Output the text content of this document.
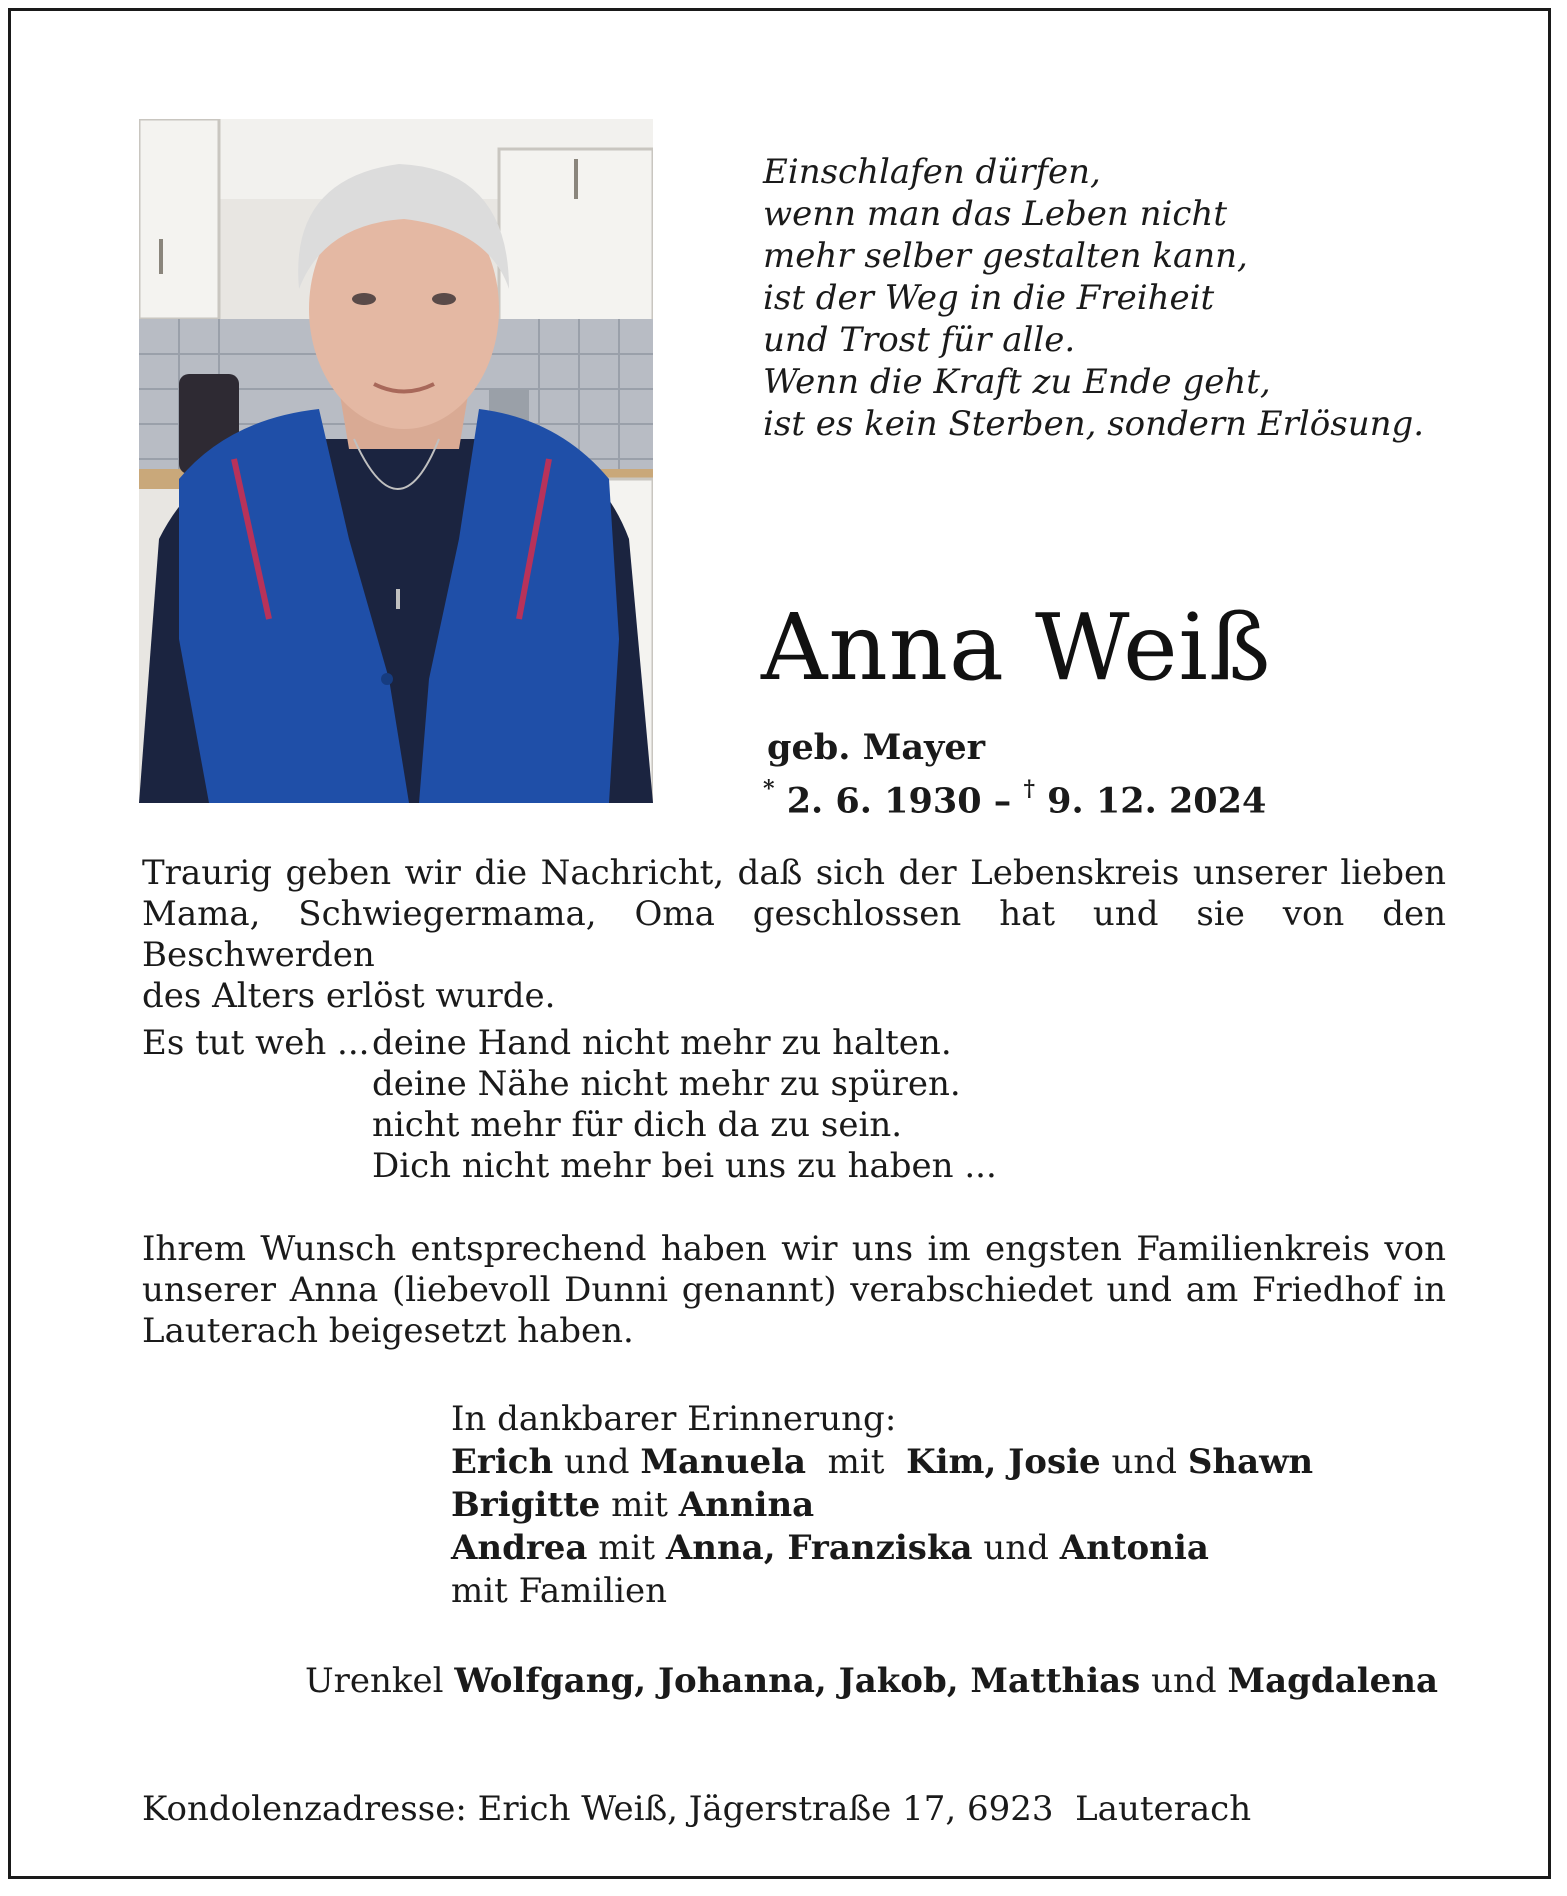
Einschlafen dürfen,
wenn man das Leben nicht
mehr selber gestalten kann,
ist der Weg in die Freiheit
und Trost für alle.
Wenn die Kraft zu Ende geht,
ist es kein Sterben, sondern Erlösung.
Anna Weiß
geb. Mayer
* 2. 6. 1930 – † 9. 12. 2024
Traurig geben wir die Nachricht, daß sich der Lebenskreis unserer lieben
Mama, Schwiegermama, Oma geschlossen hat und sie von den Beschwerden
des Alters erlöst wurde.
Es tut weh ... deine Hand nicht mehr zu halten.
deine Nähe nicht mehr zu spüren.
nicht mehr für dich da zu sein.
Dich nicht mehr bei uns zu haben ...
Ihrem Wunsch entsprechend haben wir uns im engsten Familienkreis von
unserer Anna (liebevoll Dunni genannt) verabschiedet und am Friedhof in
Lauterach beigesetzt haben.
In dankbarer Erinnerung:
Erich und Manuela  mit  Kim, Josie und Shawn
Brigitte mit Annina
Andrea mit Anna, Franziska und Antonia
mit Familien
Urenkel Wolfgang, Johanna, Jakob, Matthias und Magdalena
Kondolenzadresse: Erich Weiß, Jägerstraße 17, 6923  Lauterach
